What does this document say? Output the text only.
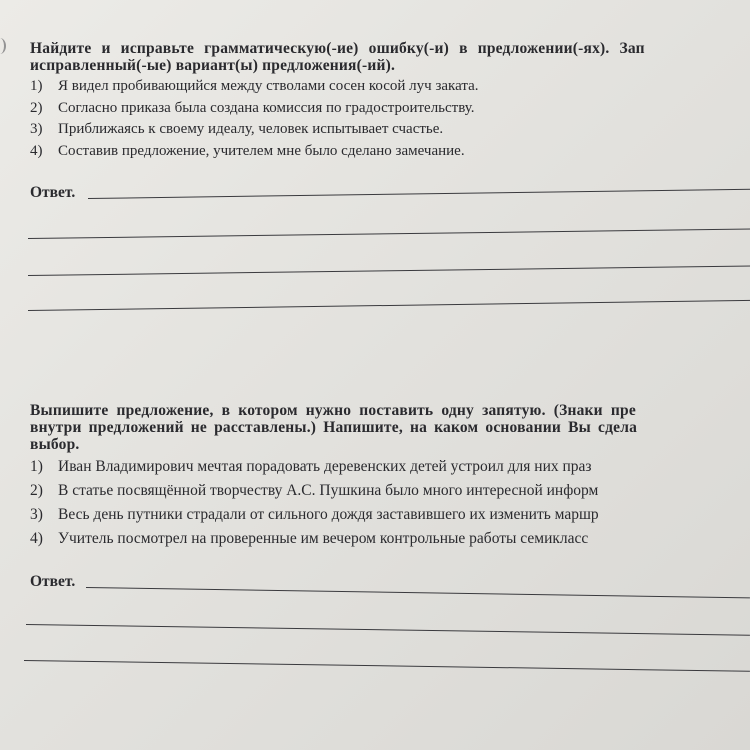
Найдите и исправьте грамматическую(-ие) ошибку(-и) в предложении(-ях). Зап
исправленный(-ые) вариант(ы) предложения(-ий).

1)	Я видел пробивающийся между стволами сосен косой луч заката.
2)	Согласно приказа была создана комиссия по градостроительству.
3)	Приближаясь к своему идеалу, человек испытывает счастье.
4)	Составив предложение, учителем мне было сделано замечание.
Ответ.

Выпишите предложение, в котором нужно поставить одну запятую. (Знаки пре
внутри предложений не расставлены.) Напишите, на каком основании Вы сдела
выбор.

1) Иван Владимирович мечтая порадовать деревенских детей устроил для них праз
2) В статье посвящённой творчеству А.С. Пушкина было много интересной информ
3) Весь день путники страдали от сильного дождя заставившего их изменить маршр
4) Учитель посмотрел на проверенные им вечером контрольные работы семикласс
Ответ.
